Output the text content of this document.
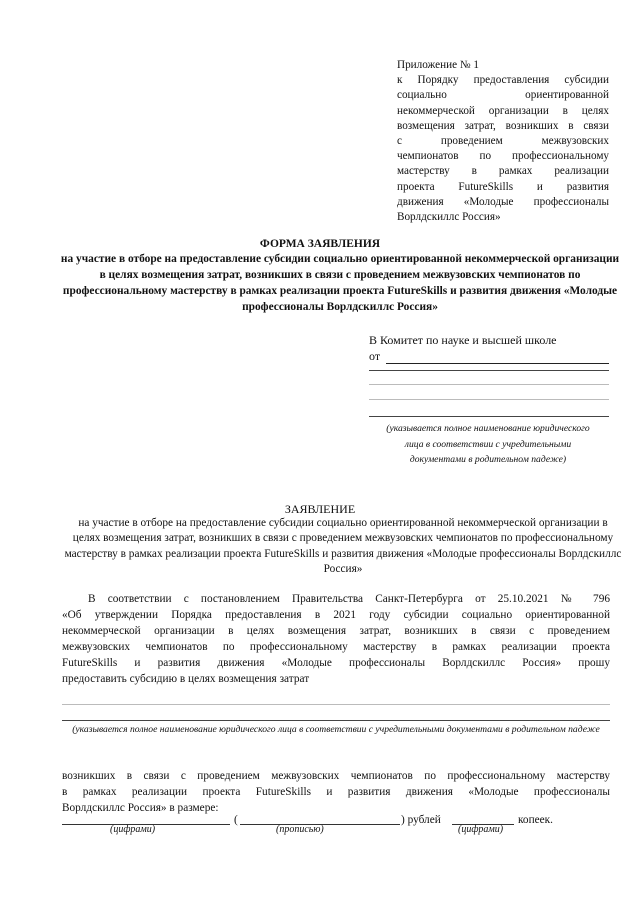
Приложение № 1
к Порядку предоставления субсидии
социально ориентированной
некоммерческой организации в целях
возмещения затрат, возникших в связи
с проведением межвузовских
чемпионатов по профессиональному
мастерству в рамках реализации
проекта FutureSkills и развития
движения «Молодые профессионалы
Ворлдскиллс Россия»
ФОРМА ЗАЯВЛЕНИЯ
на участие в отборе на предоставление субсидии социально ориентированной некоммерческой организации в целях возмещения затрат, возникших в связи с проведением межвузовских чемпионатов по профессиональному мастерству в рамках реализации проекта FutureSkills и развития движения «Молодые профессионалы Ворлдскиллс Россия»
В Комитет по науке и высшей школе
от
(указывается полное наименование юридического лица в соответствии с учредительными документами в родительном падеже)
ЗАЯВЛЕНИЕ
на участие в отборе на предоставление субсидии социально ориентированной некоммерческой организации в целях возмещения затрат, возникших в связи с проведением межвузовских чемпионатов по профессиональному мастерству в рамках реализации проекта FutureSkills и развития движения «Молодые профессионалы Ворлдскиллс Россия»
В соответствии с постановлением Правительства Санкт-Петербурга от 25.10.2021 № 796
«Об утверждении Порядка предоставления в 2021 году субсидии социально ориентированной
некоммерческой организации в целях возмещения затрат, возникших в связи с проведением
межвузовских чемпионатов по профессиональному мастерству в рамках реализации проекта
FutureSkills и развития движения «Молодые профессионалы Ворлдскиллс Россия» прошу
предоставить субсидию в целях возмещения затрат
(указывается полное наименование юридического лица в соответствии с учредительными документами в родительном падеже
возникших в связи с проведением межвузовских чемпионатов по профессиональному мастерству
в рамках реализации проекта FutureSkills и развития движения «Молодые профессионалы
Ворлдскиллс Россия» в размере:
(	) рублей	копеек.
(цифрами)	(прописью)	(цифрами)
